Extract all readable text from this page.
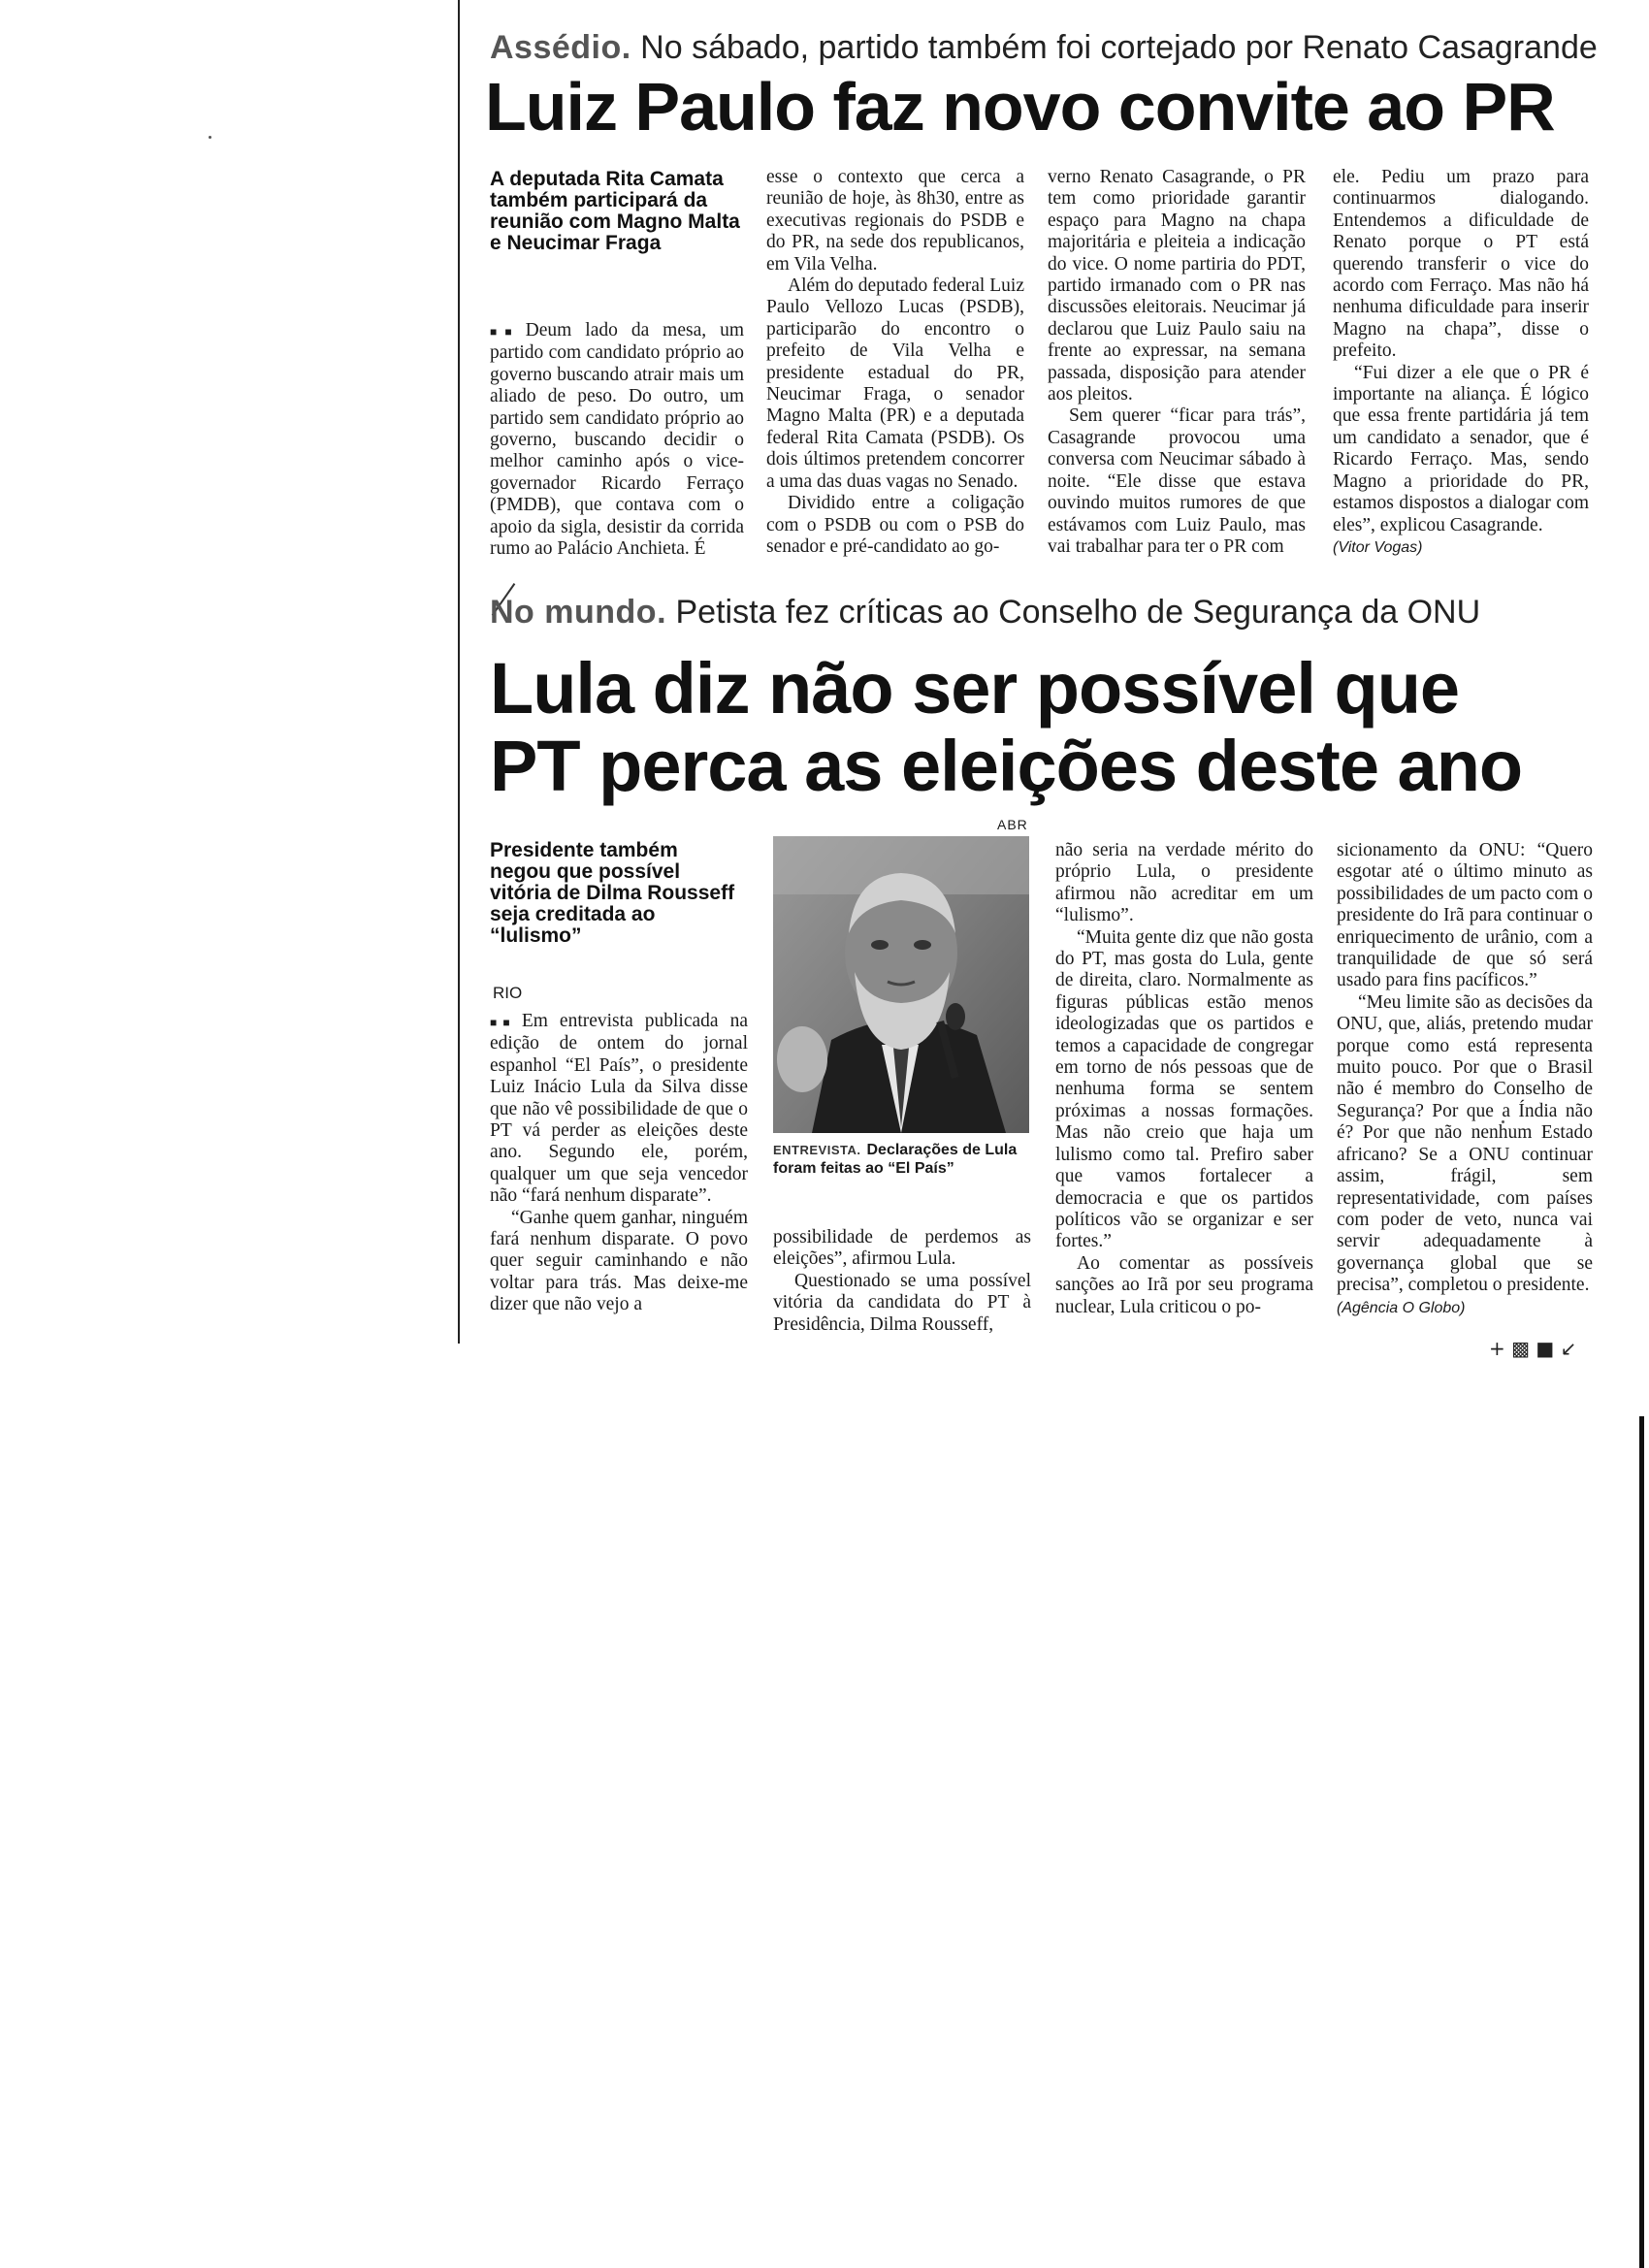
Assédio. No sábado, partido também foi cortejado por Renato Casagrande
Luiz Paulo faz novo convite ao PR
A deputada Rita Camata também participará da reunião com Magno Malta e Neucimar Fraga

■■ Deum lado da mesa, um partido com candidato próprio ao governo buscando atrair mais um aliado de peso. Do outro, um partido sem candidato próprio ao governo, buscando decidir o melhor caminho após o vice-governador Ricardo Ferraço (PMDB), que contava com o apoio da sigla, desistir da corrida rumo ao Palácio Anchieta. É

esse o contexto que cerca a reunião de hoje, às 8h30, entre as executivas regionais do PSDB e do PR, na sede dos republicanos, em Vila Velha.

Além do deputado federal Luiz Paulo Vellozo Lucas (PSDB), participarão do encontro o prefeito de Vila Velha e presidente estadual do PR, Neucimar Fraga, o senador Magno Malta (PR) e a deputada federal Rita Camata (PSDB). Os dois últimos pretendem concorrer a uma das duas vagas no Senado.

Dividido entre a coligação com o PSDB ou com o PSB do senador e pré-candidato ao go-

verno Renato Casagrande, o PR tem como prioridade garantir espaço para Magno na chapa majoritária e pleiteia a indicação do vice. O nome partiria do PDT, partido irmanado com o PR nas discussões eleitorais. Neucimar já declarou que Luiz Paulo saiu na frente ao expressar, na semana passada, disposição para atender aos pleitos.

Sem querer “ficar para trás”, Casagrande provocou uma conversa com Neucimar sábado à noite. “Ele disse que estava ouvindo muitos rumores de que estávamos com Luiz Paulo, mas vai trabalhar para ter o PR com

ele. Pediu um prazo para continuarmos dialogando. Entendemos a dificuldade de Renato porque o PT está querendo transferir o vice do acordo com Ferraço. Mas não há nenhuma dificuldade para inserir Magno na chapa”, disse o prefeito.

“Fui dizer a ele que o PR é importante na aliança. É lógico que essa frente partidária já tem um candidato a senador, que é Ricardo Ferraço. Mas, sendo Magno a prioridade do PR, estamos dispostos a dialogar com eles”, explicou Casagrande.

(Vitor Vogas)

No mundo. Petista fez críticas ao Conselho de Segurança da ONU
Lula diz não ser possível que
PT perca as eleições deste ano
Presidente também negou que possível vitória de Dilma Rousseff seja creditada ao “lulismo”
RIO

■■ Em entrevista publicada na edição de ontem do jornal espanhol “El País”, o presidente Luiz Inácio Lula da Silva disse que não vê possibilidade de que o PT vá perder as eleições deste ano. Segundo ele, porém, qualquer um que seja vencedor não “fará nenhum disparate”.

“Ganhe quem ganhar, ninguém fará nenhum disparate. O povo quer seguir caminhando e não voltar para trás. Mas deixe-me dizer que não vejo a

ABR
ENTREVISTA. Declarações de Lula foram feitas ao “El País”

possibilidade de perdemos as eleições”, afirmou Lula.

Questionado se uma possível vitória da candidata do PT à Presidência, Dilma Rousseff,

não seria na verdade mérito do próprio Lula, o presidente afirmou não acreditar em um “lulismo”.

“Muita gente diz que não gosta do PT, mas gosta do Lula, gente de direita, claro. Normalmente as figuras públicas estão menos ideologizadas que os partidos e temos a capacidade de congregar em torno de nós pessoas que de nenhuma forma se sentem próximas a nossas formações. Mas não creio que haja um lulismo como tal. Prefiro saber que vamos fortalecer a democracia e que os partidos políticos vão se organizar e ser fortes.”

Ao comentar as possíveis sanções ao Irã por seu programa nuclear, Lula criticou o po-

sicionamento da ONU: “Quero esgotar até o último minuto as possibilidades de um pacto com o presidente do Irã para continuar o enriquecimento de urânio, com a tranquilidade de que só será usado para fins pacíficos.”

“Meu limite são as decisões da ONU, que, aliás, pretendo mudar porque como está representa muito pouco. Por que o Brasil não é membro do Conselho de Segurança? Por que a Índia não é? Por que não nenhum Estado africano? Se a ONU continuar assim, frágil, sem representatividade, com países com poder de veto, nunca vai servir adequadamente à governança global que se precisa”, completou o presidente.

(Agência O Globo)

+ ▩ ■ ↙
